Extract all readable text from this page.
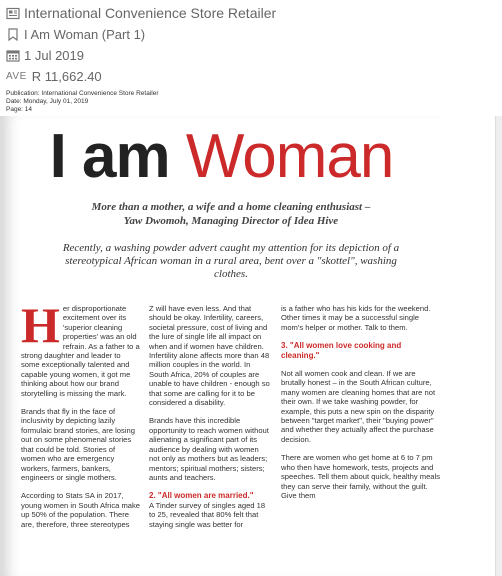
International Convenience Store Retailer
I Am Woman (Part 1)
1 Jul 2019
AVE R 11,662.40
Publication: International Convenience Store Retailer
Date: Monday, July 01, 2019
Page: 14
I am Woman
More than a mother, a wife and a home cleaning enthusiast –
Yaw Dwomoh, Managing Director of Idea Hive
Recently, a washing powder advert caught my attention for its depiction of a stereotypical African woman in a rural area, bent over a "skottel", washing clothes.

Her disproportionate excitement over its 'superior cleaning properties' was an old refrain. As a father to a strong daughter and leader to some exceptionally talented and capable young women, it got me thinking about how our brand storytelling is missing the mark.

Brands that fly in the face of inclusivity by depicting lazily formulaic brand stories, are losing out on some phenomenal stories that could be told. Stories of women who are emergency workers, farmers, bankers, engineers or single mothers.

According to Stats SA in 2017, young women in South Africa make up 50% of the population. There are, therefore, three stereotypes

Z will have even less. And that should be okay. Infertility, careers, societal pressure, cost of living and the lure of single life all impact on when and if women have children. Infertility alone affects more than 48 million couples in the world. In South Africa, 20% of couples are unable to have children - enough so that some are calling for it to be considered a disability.

Brands have this incredible opportunity to reach women without alienating a significant part of its audience by dealing with women not only as mothers but as leaders; mentors; spiritual mothers; sisters; aunts and teachers.

2. "All women are married."

A Tinder survey of singles aged 18 to 25, revealed that 80% felt that staying single was better for

is a father who has his kids for the weekend. Other times it may be a successful single mom's helper or mother. Talk to them.

3. "All women love cooking and cleaning."

Not all women cook and clean. If we are brutally honest – in the South African culture, many women are cleaning homes that are not their own. If we take washing powder, for example, this puts a new spin on the disparity between "target market", their "buying power" and whether they actually affect the purchase decision.

There are women who get home at 6 to 7 pm who then have homework, tests, projects and speeches. Tell them about quick, healthy meals they can serve their family, without the guilt. Give them
